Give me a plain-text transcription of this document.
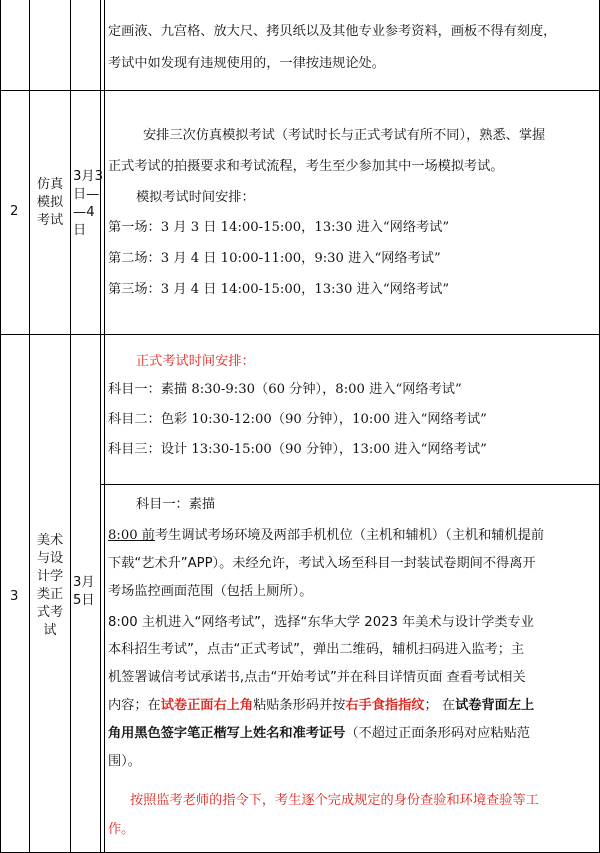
定画液、九宫格、放大尺、拷贝纸以及其他专业参考资料，画板不得有刻度，
考试中如发现有违规使用的，一律按违规论处。
2
仿真
模拟
考试
3月3
日—
—4
日
安排三次仿真模拟考试（考试时长与正式考试有所不同），熟悉、掌握
正式考试的拍摄要求和考试流程，考生至少参加其中一场模拟考试。
模拟考试时间安排：
第一场：3 月 3 日 14:00-15:00，13:30 进入“网络考试”
第二场：3 月 4 日 10:00-11:00，9:30 进入“网络考试”
第三场：3 月 4 日 14:00-15:00，13:30 进入“网络考试”
3
美术
与设
计学
类正
式考
试
3月
5日
正式考试时间安排：
科目一：素描 8:30-9:30（60 分钟），8:00 进入“网络考试”
科目二：色彩 10:30-12:00（90 分钟），10:00 进入“网络考试”
科目三：设计 13:30-15:00（90 分钟），13:00 进入“网络考试”
科目一：素描
8:00 前考生调试考场环境及两部手机机位（主机和辅机）（主机和辅机提前
下载“艺术升”APP）。未经允许，考试入场至科目一封装试卷期间不得离开
考场监控画面范围（包括上厕所）。
8:00 主机进入“网络考试”，选择“东华大学 2023 年美术与设计学类专业
本科招生考试”，点击“正式考试”，弹出二维码，辅机扫码进入监考；主
机签署诚信考试承诺书,点击“开始考试”并在科目详情页面 查看考试相关
内容；在试卷正面右上角粘贴条形码并按右手食指指纹； 在试卷背面左上
角用黑色签字笔正楷写上姓名和准考证号（不超过正面条形码对应粘贴范
围）。
按照监考老师的指令下，考生逐个完成规定的身份查验和环境查验等工
作。
